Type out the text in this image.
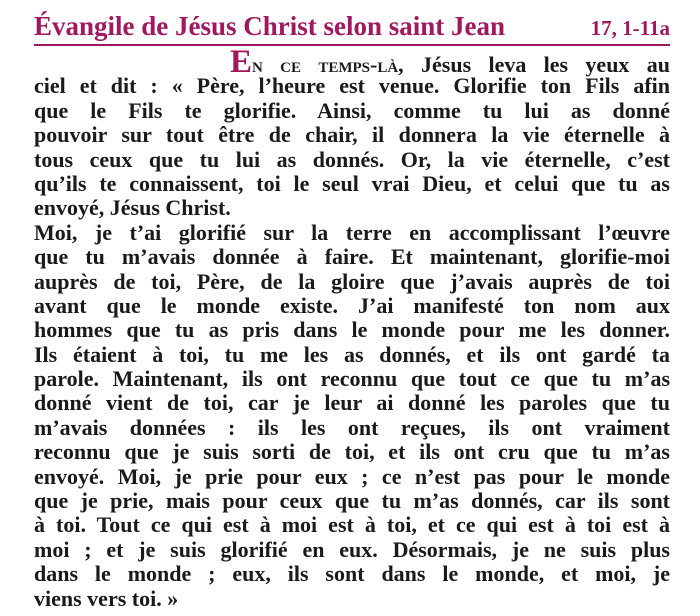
Évangile de Jésus Christ selon saint Jean	17, 1-11a
En ce temps-là, Jésus leva les yeux au
ciel et dit : « Père, l’heure est venue. Glorifie ton Fils afin
que le Fils te glorifie. Ainsi, comme tu lui as donné
pouvoir sur tout être de chair, il donnera la vie éternelle à
tous ceux que tu lui as donnés. Or, la vie éternelle, c’est
qu’ils te connaissent, toi le seul vrai Dieu, et celui que tu as
envoyé, Jésus Christ.
Moi, je t’ai glorifié sur la terre en accomplissant l’œuvre
que tu m’avais donnée à faire. Et maintenant, glorifie-moi
auprès de toi, Père, de la gloire que j’avais auprès de toi
avant que le monde existe. J’ai manifesté ton nom aux
hommes que tu as pris dans le monde pour me les donner.
Ils étaient à toi, tu me les as donnés, et ils ont gardé ta
parole. Maintenant, ils ont reconnu que tout ce que tu m’as
donné vient de toi, car je leur ai donné les paroles que tu
m’avais données : ils les ont reçues, ils ont vraiment
reconnu que je suis sorti de toi, et ils ont cru que tu m’as
envoyé. Moi, je prie pour eux ; ce n’est pas pour le monde
que je prie, mais pour ceux que tu m’as donnés, car ils sont
à toi. Tout ce qui est à moi est à toi, et ce qui est à toi est à
moi ; et je suis glorifié en eux. Désormais, je ne suis plus
dans le monde ; eux, ils sont dans le monde, et moi, je
viens vers toi. »
